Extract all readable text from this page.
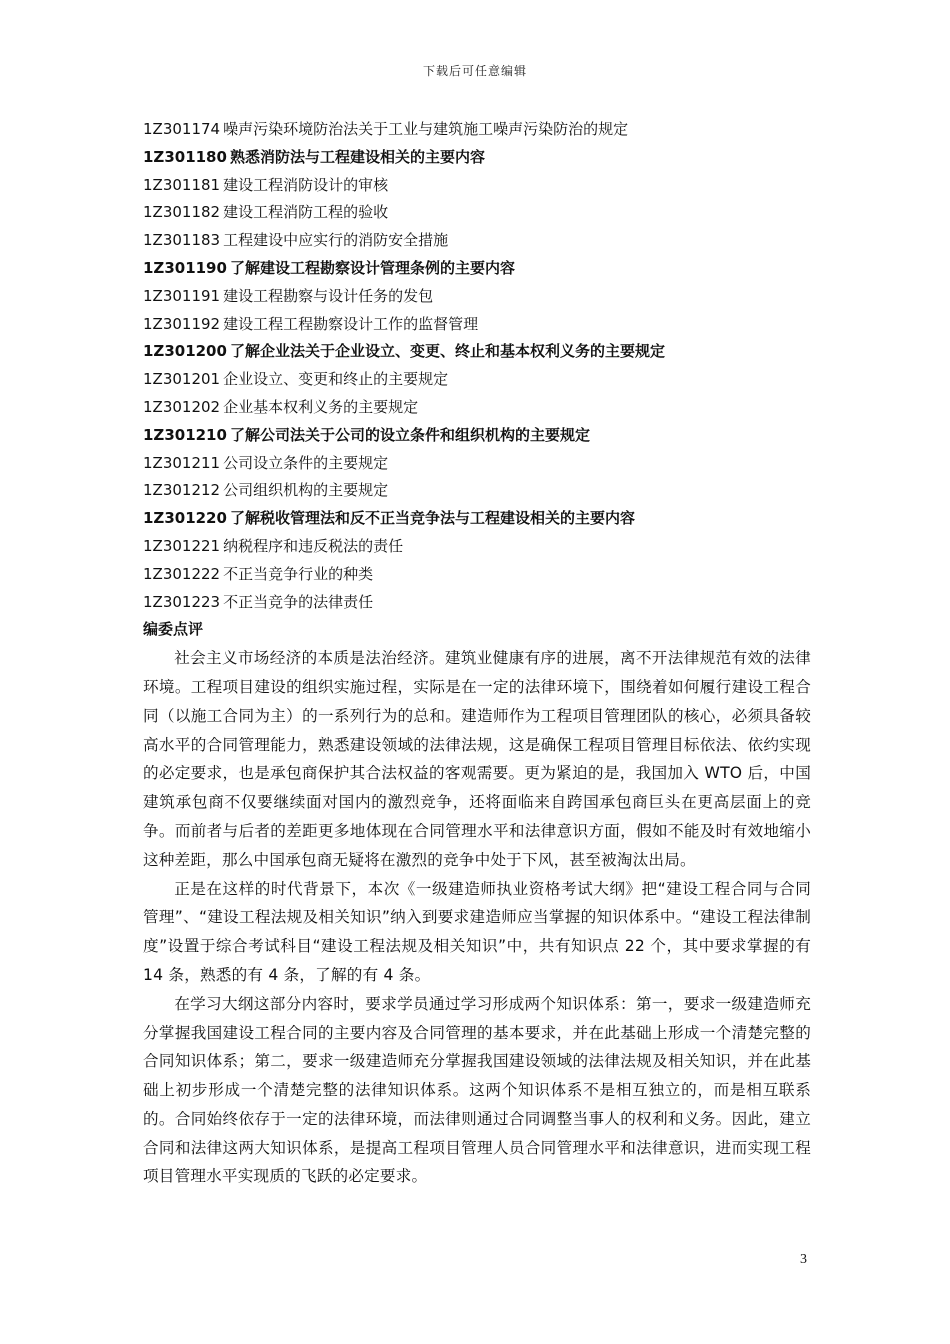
下载后可任意编辑
1Z301174 噪声污染环境防治法关于工业与建筑施工噪声污染防治的规定
1Z301180 熟悉消防法与工程建设相关的主要内容
1Z301181 建设工程消防设计的审核
1Z301182 建设工程消防工程的验收
1Z301183 工程建设中应实行的消防安全措施
1Z301190 了解建设工程勘察设计管理条例的主要内容
1Z301191 建设工程勘察与设计任务的发包
1Z301192 建设工程工程勘察设计工作的监督管理
1Z301200 了解企业法关于企业设立、变更、终止和基本权利义务的主要规定
1Z301201 企业设立、变更和终止的主要规定
1Z301202 企业基本权利义务的主要规定
1Z301210 了解公司法关于公司的设立条件和组织机构的主要规定
1Z301211 公司设立条件的主要规定
1Z301212 公司组织机构的主要规定
1Z301220 了解税收管理法和反不正当竞争法与工程建设相关的主要内容
1Z301221 纳税程序和违反税法的责任
1Z301222 不正当竞争行业的种类
1Z301223 不正当竞争的法律责任
编委点评

社会主义市场经济的本质是法治经济。建筑业健康有序的进展，离不开法律规范有效的法律环境。工程项目建设的组织实施过程，实际是在一定的法律环境下，围绕着如何履行建设工程合同（以施工合同为主）的一系列行为的总和。建造师作为工程项目管理团队的核心，必须具备较高水平的合同管理能力，熟悉建设领域的法律法规，这是确保工程项目管理目标依法、依约实现的必定要求，也是承包商保护其合法权益的客观需要。更为紧迫的是，我国加入 WTO 后，中国建筑承包商不仅要继续面对国内的激烈竞争，还将面临来自跨国承包商巨头在更高层面上的竞争。而前者与后者的差距更多地体现在合同管理水平和法律意识方面，假如不能及时有效地缩小这种差距，那么中国承包商无疑将在激烈的竞争中处于下风，甚至被淘汰出局。

正是在这样的时代背景下，本次《一级建造师执业资格考试大纲》把“建设工程合同与合同管理”、“建设工程法规及相关知识”纳入到要求建造师应当掌握的知识体系中。“建设工程法律制度”设置于综合考试科目“建设工程法规及相关知识”中，共有知识点 22 个，其中要求掌握的有 14 条，熟悉的有 4 条，了解的有 4 条。

在学习大纲这部分内容时，要求学员通过学习形成两个知识体系：第一，要求一级建造师充分掌握我国建设工程合同的主要内容及合同管理的基本要求，并在此基础上形成一个清楚完整的合同知识体系；第二，要求一级建造师充分掌握我国建设领域的法律法规及相关知识，并在此基础上初步形成一个清楚完整的法律知识体系。这两个知识体系不是相互独立的，而是相互联系的。合同始终依存于一定的法律环境，而法律则通过合同调整当事人的权利和义务。因此，建立合同和法律这两大知识体系，是提高工程项目管理人员合同管理水平和法律意识，进而实现工程项目管理水平实现质的飞跃的必定要求。

3
